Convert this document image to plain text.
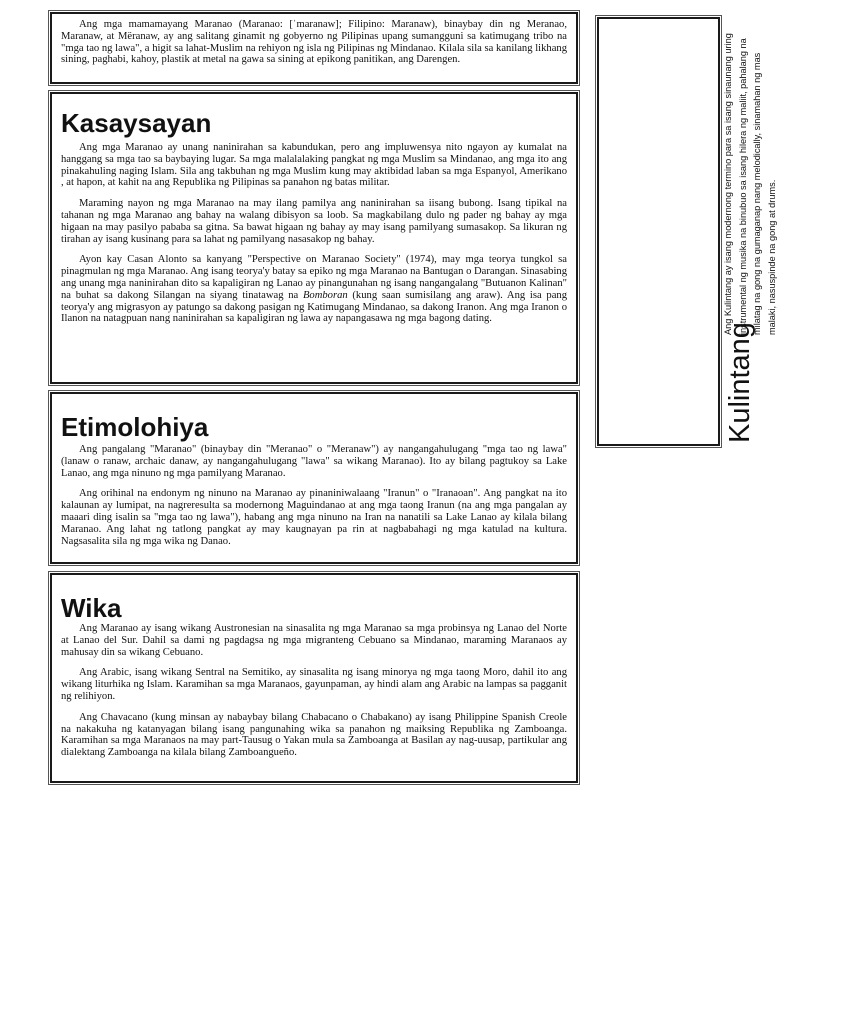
Ang mga mamamayang Maranao (Maranao: [ˈmaranaw]; Filipino: Maranaw), binaybay din ng Meranao, Maranaw, at Mëranaw, ay ang salitang ginamit ng gobyerno ng Pilipinas upang sumangguni sa katimugang tribo na "mga tao ng lawa", a higit sa lahat-Muslim na rehiyon ng isla ng Pilipinas ng Mindanao. Kilala sila sa kanilang likhang sining, paghabi, kahoy, plastik at metal na gawa sa sining at epikong panitikan, ang Darengen.

Kasaysayan

Ang mga Maranao ay unang naninirahan sa kabundukan, pero ang impluwensya nito ngayon ay kumalat na hanggang sa mga tao sa baybaying lugar. Sa mga malalalaking pangkat ng mga Muslim sa Mindanao, ang mga ito ang pinakahuling naging Islam. Sila ang takbuhan ng mga Muslim kung may aktibidad laban sa mga Espanyol, Amerikano , at hapon, at kahit na ang Republika ng Pilipinas sa panahon ng batas militar.

Maraming nayon ng mga Maranao na may ilang pamilya ang naninirahan sa iisang bubong. Isang tipikal na tahanan ng mga Maranao ang bahay na walang dibisyon sa loob. Sa magkabilang dulo ng pader ng bahay ay mga higaan na may pasilyo pababa sa gitna. Sa bawat higaan ng bahay ay may isang pamilyang sumasakop. Sa likuran ng tirahan ay isang kusinang para sa lahat ng pamilyang nasasakop ng bahay.

Ayon kay Casan Alonto sa kanyang "Perspective on Maranao Society" (1974), may mga teorya tungkol sa pinagmulan ng mga Maranao. Ang isang teorya'y batay sa epiko ng mga Maranao na Bantugan o Darangan. Sinasabing ang unang mga naninirahan dito sa kapaligiran ng Lanao ay pinangunahan ng isang nangangalang "Butuanon Kalinan" na buhat sa dakong Silangan na siyang tinatawag na Bomboran (kung saan sumisilang ang araw). Ang isa pang teorya'y ang migrasyon ay patungo sa dakong pasigan ng Katimugang Mindanao, sa dakong Iranon. Ang mga Iranon o Ilanon na natagpuan nang naninirahan sa kapaligiran ng lawa ay napangasawa ng mga bagong dating.

Etimolohiya

Ang pangalang "Maranao" (binaybay din "Meranao" o "Meranaw") ay nangangahulugang "mga tao ng lawa" (lanaw o ranaw, archaic danaw, ay nangangahulugang "lawa" sa wikang Maranao). Ito ay bilang pagtukoy sa Lake Lanao, ang mga ninuno ng mga pamilyang Maranao.

Ang orihinal na endonym ng ninuno na Maranao ay pinaniniwalaang "Iranun" o "Iranaoan". Ang pangkat na ito kalaunan ay lumipat, na nagreresulta sa modernong Maguindanao at ang mga taong Iranun (na ang mga pangalan ay maaari ding isalin sa "mga tao ng lawa"), habang ang mga ninuno na Iran na nanatili sa Lake Lanao ay kilala bilang Maranao. Ang lahat ng tatlong pangkat ay may kaugnayan pa rin at nagbabahagi ng mga katulad na kultura. Nagsasalita sila ng mga wika ng Danao.

Wika

Ang Maranao ay isang wikang Austronesian na sinasalita ng mga Maranao sa mga probinsya ng Lanao del Norte at Lanao del Sur. Dahil sa dami ng pagdagsa ng mga migranteng Cebuano sa Mindanao, maraming Maranaos ay mahusay din sa wikang Cebuano.

Ang Arabic, isang wikang Sentral na Semitiko, ay sinasalita ng isang minorya ng mga taong Moro, dahil ito ang wikang liturhika ng Islam. Karamihan sa mga Maranaos, gayunpaman, ay hindi alam ang Arabic na lampas sa pagganit ng relihiyon.

Ang Chavacano (kung minsan ay nabaybay bilang Chabacano o Chabakano) ay isang Philippine Spanish Creole na nakakuha ng katanyagan bilang isang pangunahing wika sa panahon ng maiksing Republika ng Zamboanga. Karamihan sa mga Maranaos na may part-Tausug o Yakan mula sa Zamboanga at Basilan ay nag-uusap, partikular ang dialektang Zamboanga na kilala bilang Zamboangueño.

Kulintang
Ang Kulintang ay isang modernong termino para sa isang sinaunang uring instrumental ng musika na binubuo sa isang hilera ng maliit, pahalang na milatag na gong na gumaganap nang melodically, sinamahan ng mas malaki, nasuspinde na gong at drums.
